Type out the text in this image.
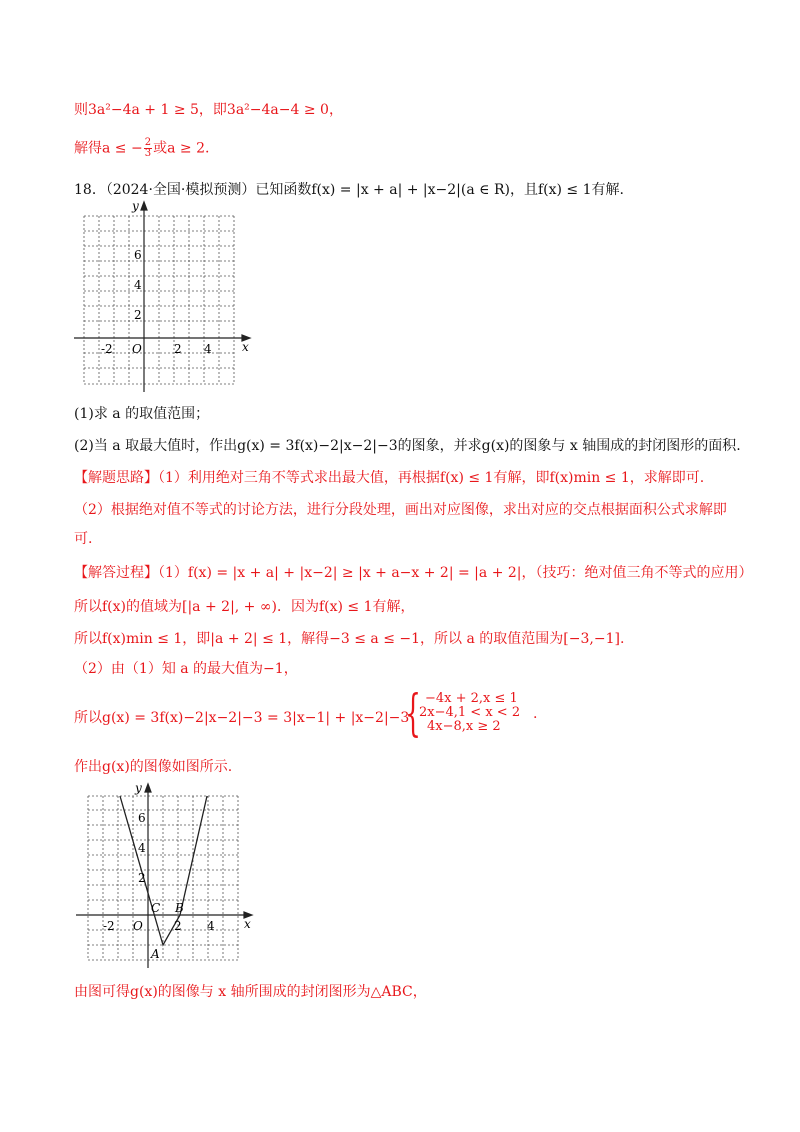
则3a²−4a + 1 ≥ 5，即3a²−4a−4 ≥ 0，
解得a ≤ − $\frac{2}{3}$ 或a ≥ 2.
18．（2024·全国·模拟预测）已知函数f(x) = |x + a| + |x−2|(a ∈ R)，且f(x) ≤ 1有解.
y
x
O
-2	2 4
6
4
2
(1)求 a 的取值范围；
(2)当 a 取最大值时，作出g(x) = 3f(x)−2|x−2|−3的图象，并求g(x)的图象与 x 轴围成的封闭图形的面积.
【解题思路】（1）利用绝对三角不等式求出最大值，再根据f(x) ≤ 1有解，即f(x)min ≤ 1，求解即可.
（2）根据绝对值不等式的讨论方法，进行分段处理，画出对应图像，求出对应的交点根据面积公式求解即
可.
【解答过程】（1）f(x) = |x + a| + |x−2| ≥ |x + a−x + 2| = |a + 2|，（技巧：绝对值三角不等式的应用）
所以f(x)的值域为[|a + 2|, + ∞)．因为f(x) ≤ 1有解，
所以f(x)min ≤ 1，即|a + 2| ≤ 1，解得−3 ≤ a ≤ −1，所以 a 的取值范围为[−3,−1].
（2）由（1）知 a 的最大值为−1，
所以g(x) = 3f(x)−2|x−2|−3 = 3|x−1| + |x−2|−3
{ −4x + 2,x ≤ 1
2x−4,1 < x < 2
4x−8,x ≥ 2
.
作出g(x)的图像如图所示.
y
x
O
-2	2 4
6
4
2
A
B
C
由图可得g(x)的图像与 x 轴所围成的封闭图形为△ABC，
